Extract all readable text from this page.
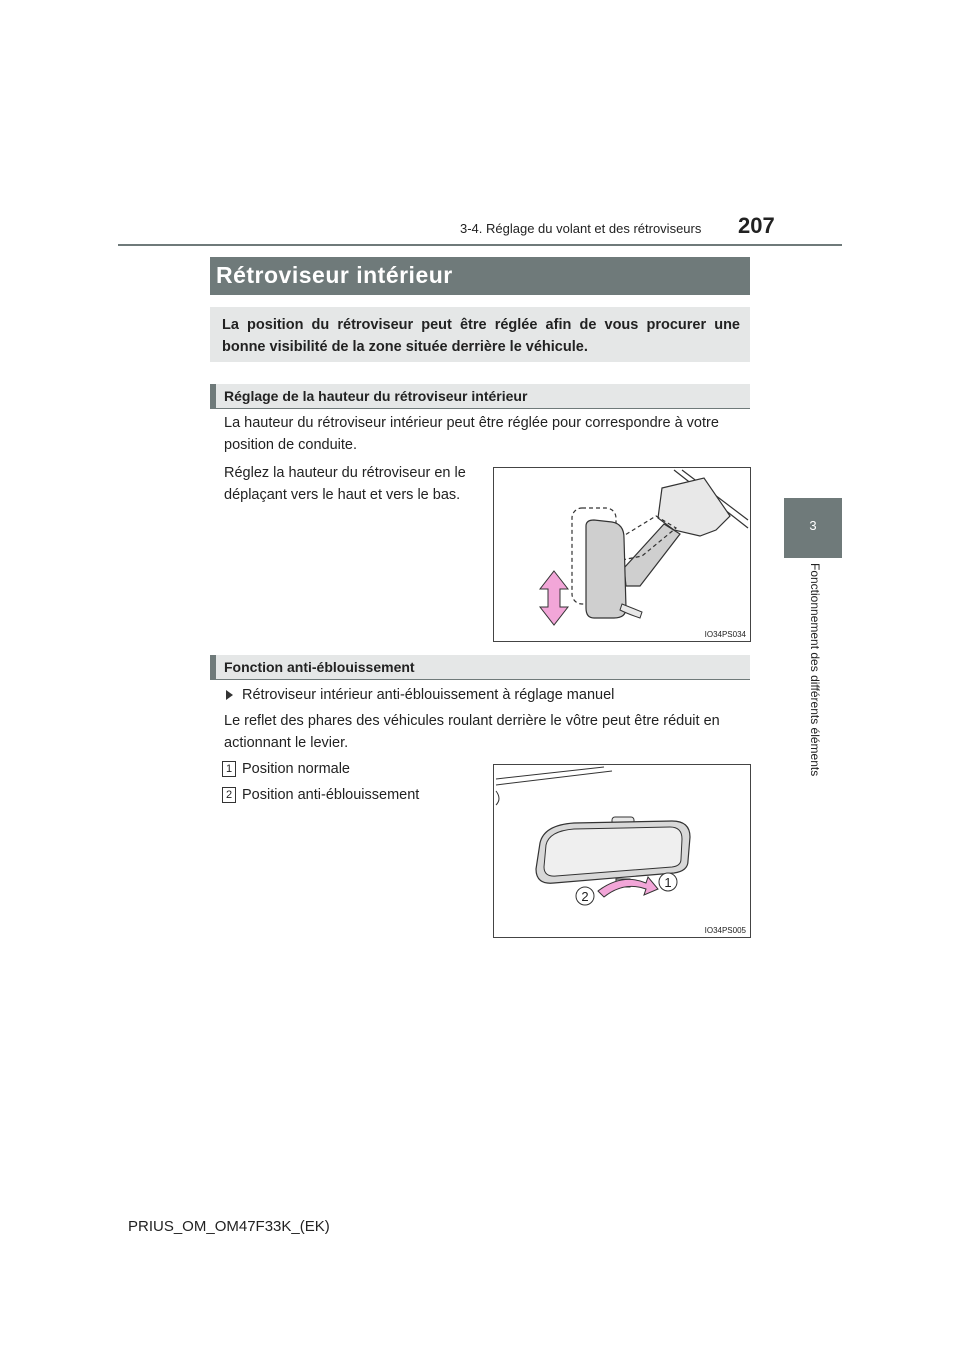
3-4. Réglage du volant et des rétroviseurs 207
3
Fonctionnement des différents éléments
Rétroviseur intérieur
La position du rétroviseur peut être réglée afin de vous procurer une bonne visibilité de la zone située derrière le véhicule.
Réglage de la hauteur du rétroviseur intérieur
La hauteur du rétroviseur intérieur peut être réglée pour correspondre à votre
position de conduite.
Réglez la hauteur du rétroviseur en le
déplaçant vers le haut et vers le bas.
IO34PS034
Fonction anti-éblouissement
Rétroviseur intérieur anti-éblouissement à réglage manuel
Le reflet des phares des véhicules roulant derrière le vôtre peut être réduit en
actionnant le levier.
1 Position normale
2 Position anti-éblouissement
1
2
IO34PS005
PRIUS_OM_OM47F33K_(EK)
